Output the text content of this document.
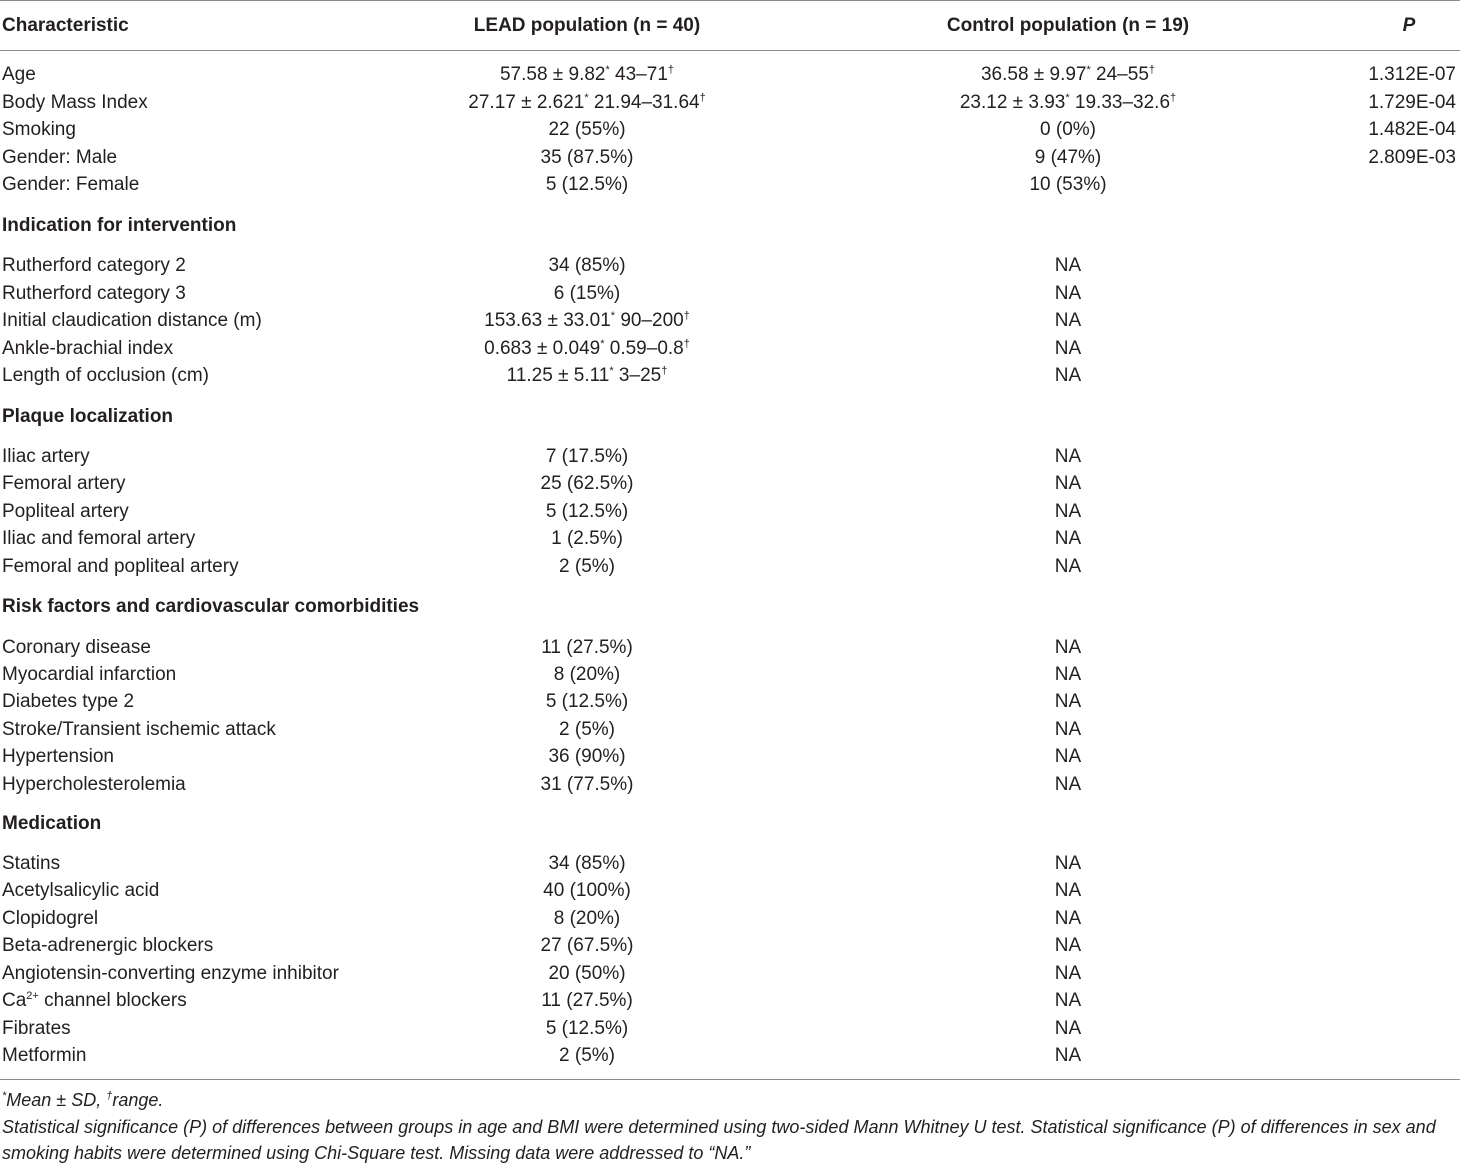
Characteristic	LEAD population (n = 40)	Control population (n = 19)	P
Age	57.58 ± 9.82* 43–71†	36.58 ± 9.97* 24–55†	1.312E-07
Body Mass Index	27.17 ± 2.621* 21.94–31.64†	23.12 ± 3.93* 19.33–32.6†	1.729E-04
Smoking	22 (55%)	0 (0%)	1.482E-04
Gender: Male	35 (87.5%)	9 (47%)	2.809E-03
Gender: Female	5 (12.5%)	10 (53%)
Indication for intervention
Rutherford category 2	34 (85%)	NA
Rutherford category 3	6 (15%)	NA
Initial claudication distance (m)	153.63 ± 33.01* 90–200†	NA
Ankle-brachial index	0.683 ± 0.049* 0.59–0.8†	NA
Length of occlusion (cm)	11.25 ± 5.11* 3–25†	NA
Plaque localization
Iliac artery	7 (17.5%)	NA
Femoral artery	25 (62.5%)	NA
Popliteal artery	5 (12.5%)	NA
Iliac and femoral artery	1 (2.5%)	NA
Femoral and popliteal artery	2 (5%)	NA
Risk factors and cardiovascular comorbidities
Coronary disease	11 (27.5%)	NA
Myocardial infarction	8 (20%)	NA
Diabetes type 2	5 (12.5%)	NA
Stroke/Transient ischemic attack	2 (5%)	NA
Hypertension	36 (90%)	NA
Hypercholesterolemia	31 (77.5%)	NA
Medication
Statins	34 (85%)	NA
Acetylsalicylic acid	40 (100%)	NA
Clopidogrel	8 (20%)	NA
Beta-adrenergic blockers	27 (67.5%)	NA
Angiotensin-converting enzyme inhibitor	20 (50%)	NA
$Ca^{2+}$ channel blockers	11 (27.5%)	NA
Fibrates	5 (12.5%)	NA
Metformin	2 (5%)	NA

*Mean ± SD, †range.

Statistical significance (P) of differences between groups in age and BMI were determined using two-sided Mann Whitney U test. Statistical significance (P) of differences in sex and smoking habits were determined using Chi-Square test. Missing data were addressed to “NA.”
